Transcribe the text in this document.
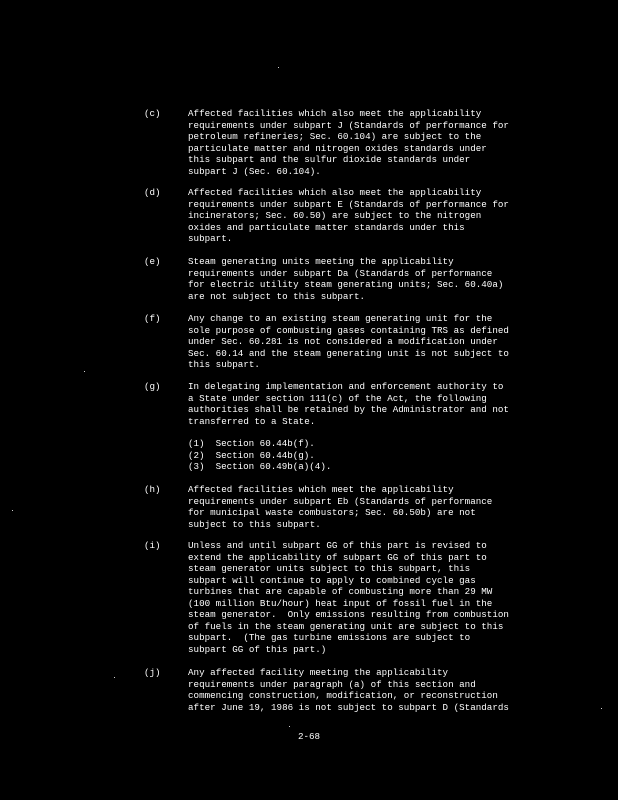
(c)	Affected facilities which also meet the applicability
requirements under subpart J (Standards of performance for
petroleum refineries; Sec. 60.104) are subject to the
particulate matter and nitrogen oxides standards under
this subpart and the sulfur dioxide standards under
subpart J (Sec. 60.104).
(d)	Affected facilities which also meet the applicability
requirements under subpart E (Standards of performance for
incinerators; Sec. 60.50) are subject to the nitrogen
oxides and particulate matter standards under this
subpart.
(e)	Steam generating units meeting the applicability
requirements under subpart Da (Standards of performance
for electric utility steam generating units; Sec. 60.40a)
are not subject to this subpart.
(f)	Any change to an existing steam generating unit for the
sole purpose of combusting gases containing TRS as defined
under Sec. 60.281 is not considered a modification under
Sec. 60.14 and the steam generating unit is not subject to
this subpart.
(g)	In delegating implementation and enforcement authority to
a State under section 111(c) of the Act, the following
authorities shall be retained by the Administrator and not
transferred to a State.
(1)  Section 60.44b(f).
(2)  Section 60.44b(g).
(3)  Section 60.49b(a)(4).
(h)	Affected facilities which meet the applicability
requirements under subpart Eb (Standards of performance
for municipal waste combustors; Sec. 60.50b) are not
subject to this subpart.
(i)	Unless and until subpart GG of this part is revised to
extend the applicability of subpart GG of this part to
steam generator units subject to this subpart, this
subpart will continue to apply to combined cycle gas
turbines that are capable of combusting more than 29 MW
(100 million Btu/hour) heat input of fossil fuel in the
steam generator.  Only emissions resulting from combustion
of fuels in the steam generating unit are subject to this
subpart.  (The gas turbine emissions are subject to
subpart GG of this part.)
(j)	Any affected facility meeting the applicability
requirements under paragraph (a) of this section and
commencing construction, modification, or reconstruction
after June 19, 1986 is not subject to subpart D (Standards
2-68
